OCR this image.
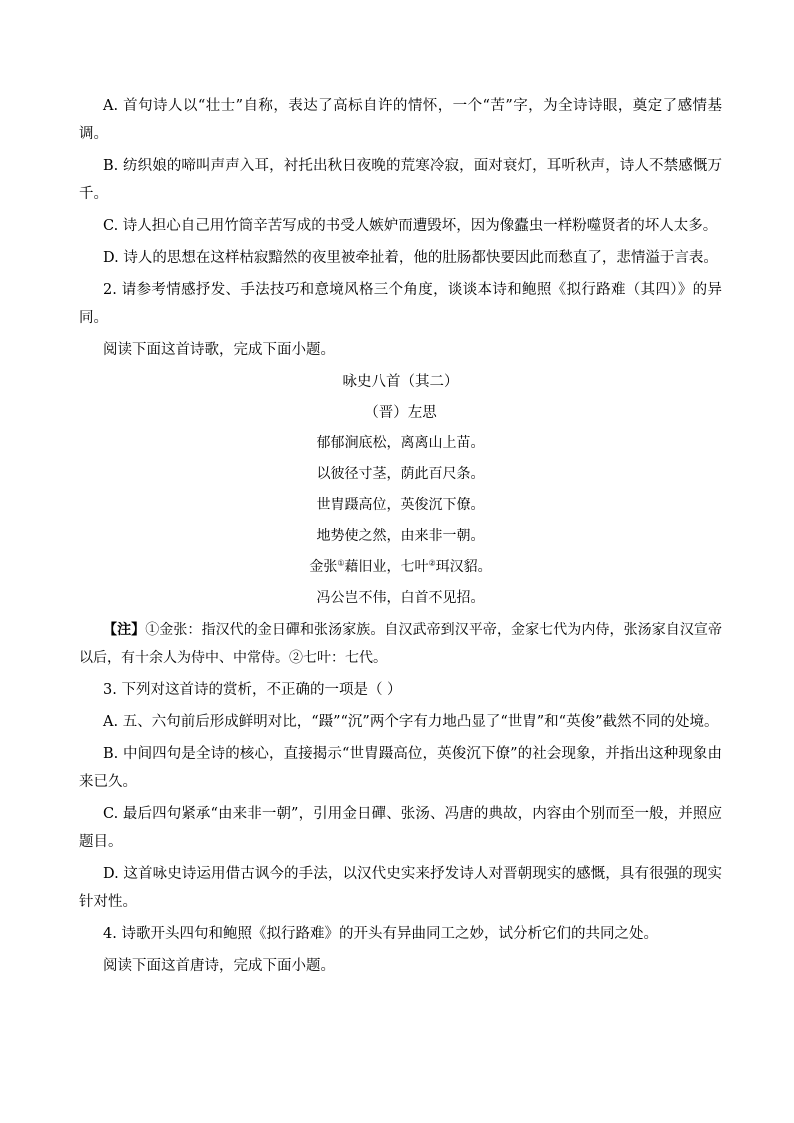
A. 首句诗人以“壮士”自称，表达了高标自许的情怀，一个“苦”字，为全诗诗眼，奠定了感情基调。

B. 纺织娘的啼叫声声入耳，衬托出秋日夜晚的荒寒冷寂，面对衰灯，耳听秋声，诗人不禁感慨万千。

C. 诗人担心自己用竹筒辛苦写成的书受人嫉妒而遭毁坏，因为像蠹虫一样粉噬贤者的坏人太多。

D. 诗人的思想在这样枯寂黯然的夜里被牵扯着，他的肚肠都快要因此而愁直了，悲情溢于言表。

2. 请参考情感抒发、手法技巧和意境风格三个角度，谈谈本诗和鲍照《拟行路难（其四）》的异同。

阅读下面这首诗歌，完成下面小题。

咏史八首（其二）
（晋）左思
郁郁涧底松，离离山上苗。
以彼径寸茎，荫此百尺条。
世胄蹑高位，英俊沉下僚。
地势使之然，由来非一朝。
金张①藉旧业，七叶②珥汉貂。
冯公岂不伟，白首不见招。

【注】①金张：指汉代的金日磾和张汤家族。自汉武帝到汉平帝，金家七代为内侍，张汤家自汉宣帝以后，有十余人为侍中、中常侍。②七叶：七代。

3. 下列对这首诗的赏析，不正确的一项是（ ）

A. 五、六句前后形成鲜明对比，“蹑”“沉”两个字有力地凸显了“世胄”和“英俊”截然不同的处境。

B. 中间四句是全诗的核心，直接揭示“世胄蹑高位，英俊沉下僚”的社会现象，并指出这种现象由来已久。

C. 最后四句紧承“由来非一朝”，引用金日磾、张汤、冯唐的典故，内容由个别而至一般，并照应题目。

D. 这首咏史诗运用借古讽今的手法，以汉代史实来抒发诗人对晋朝现实的感慨，具有很强的现实针对性。

4. 诗歌开头四句和鲍照《拟行路难》的开头有异曲同工之妙，试分析它们的共同之处。

阅读下面这首唐诗，完成下面小题。
